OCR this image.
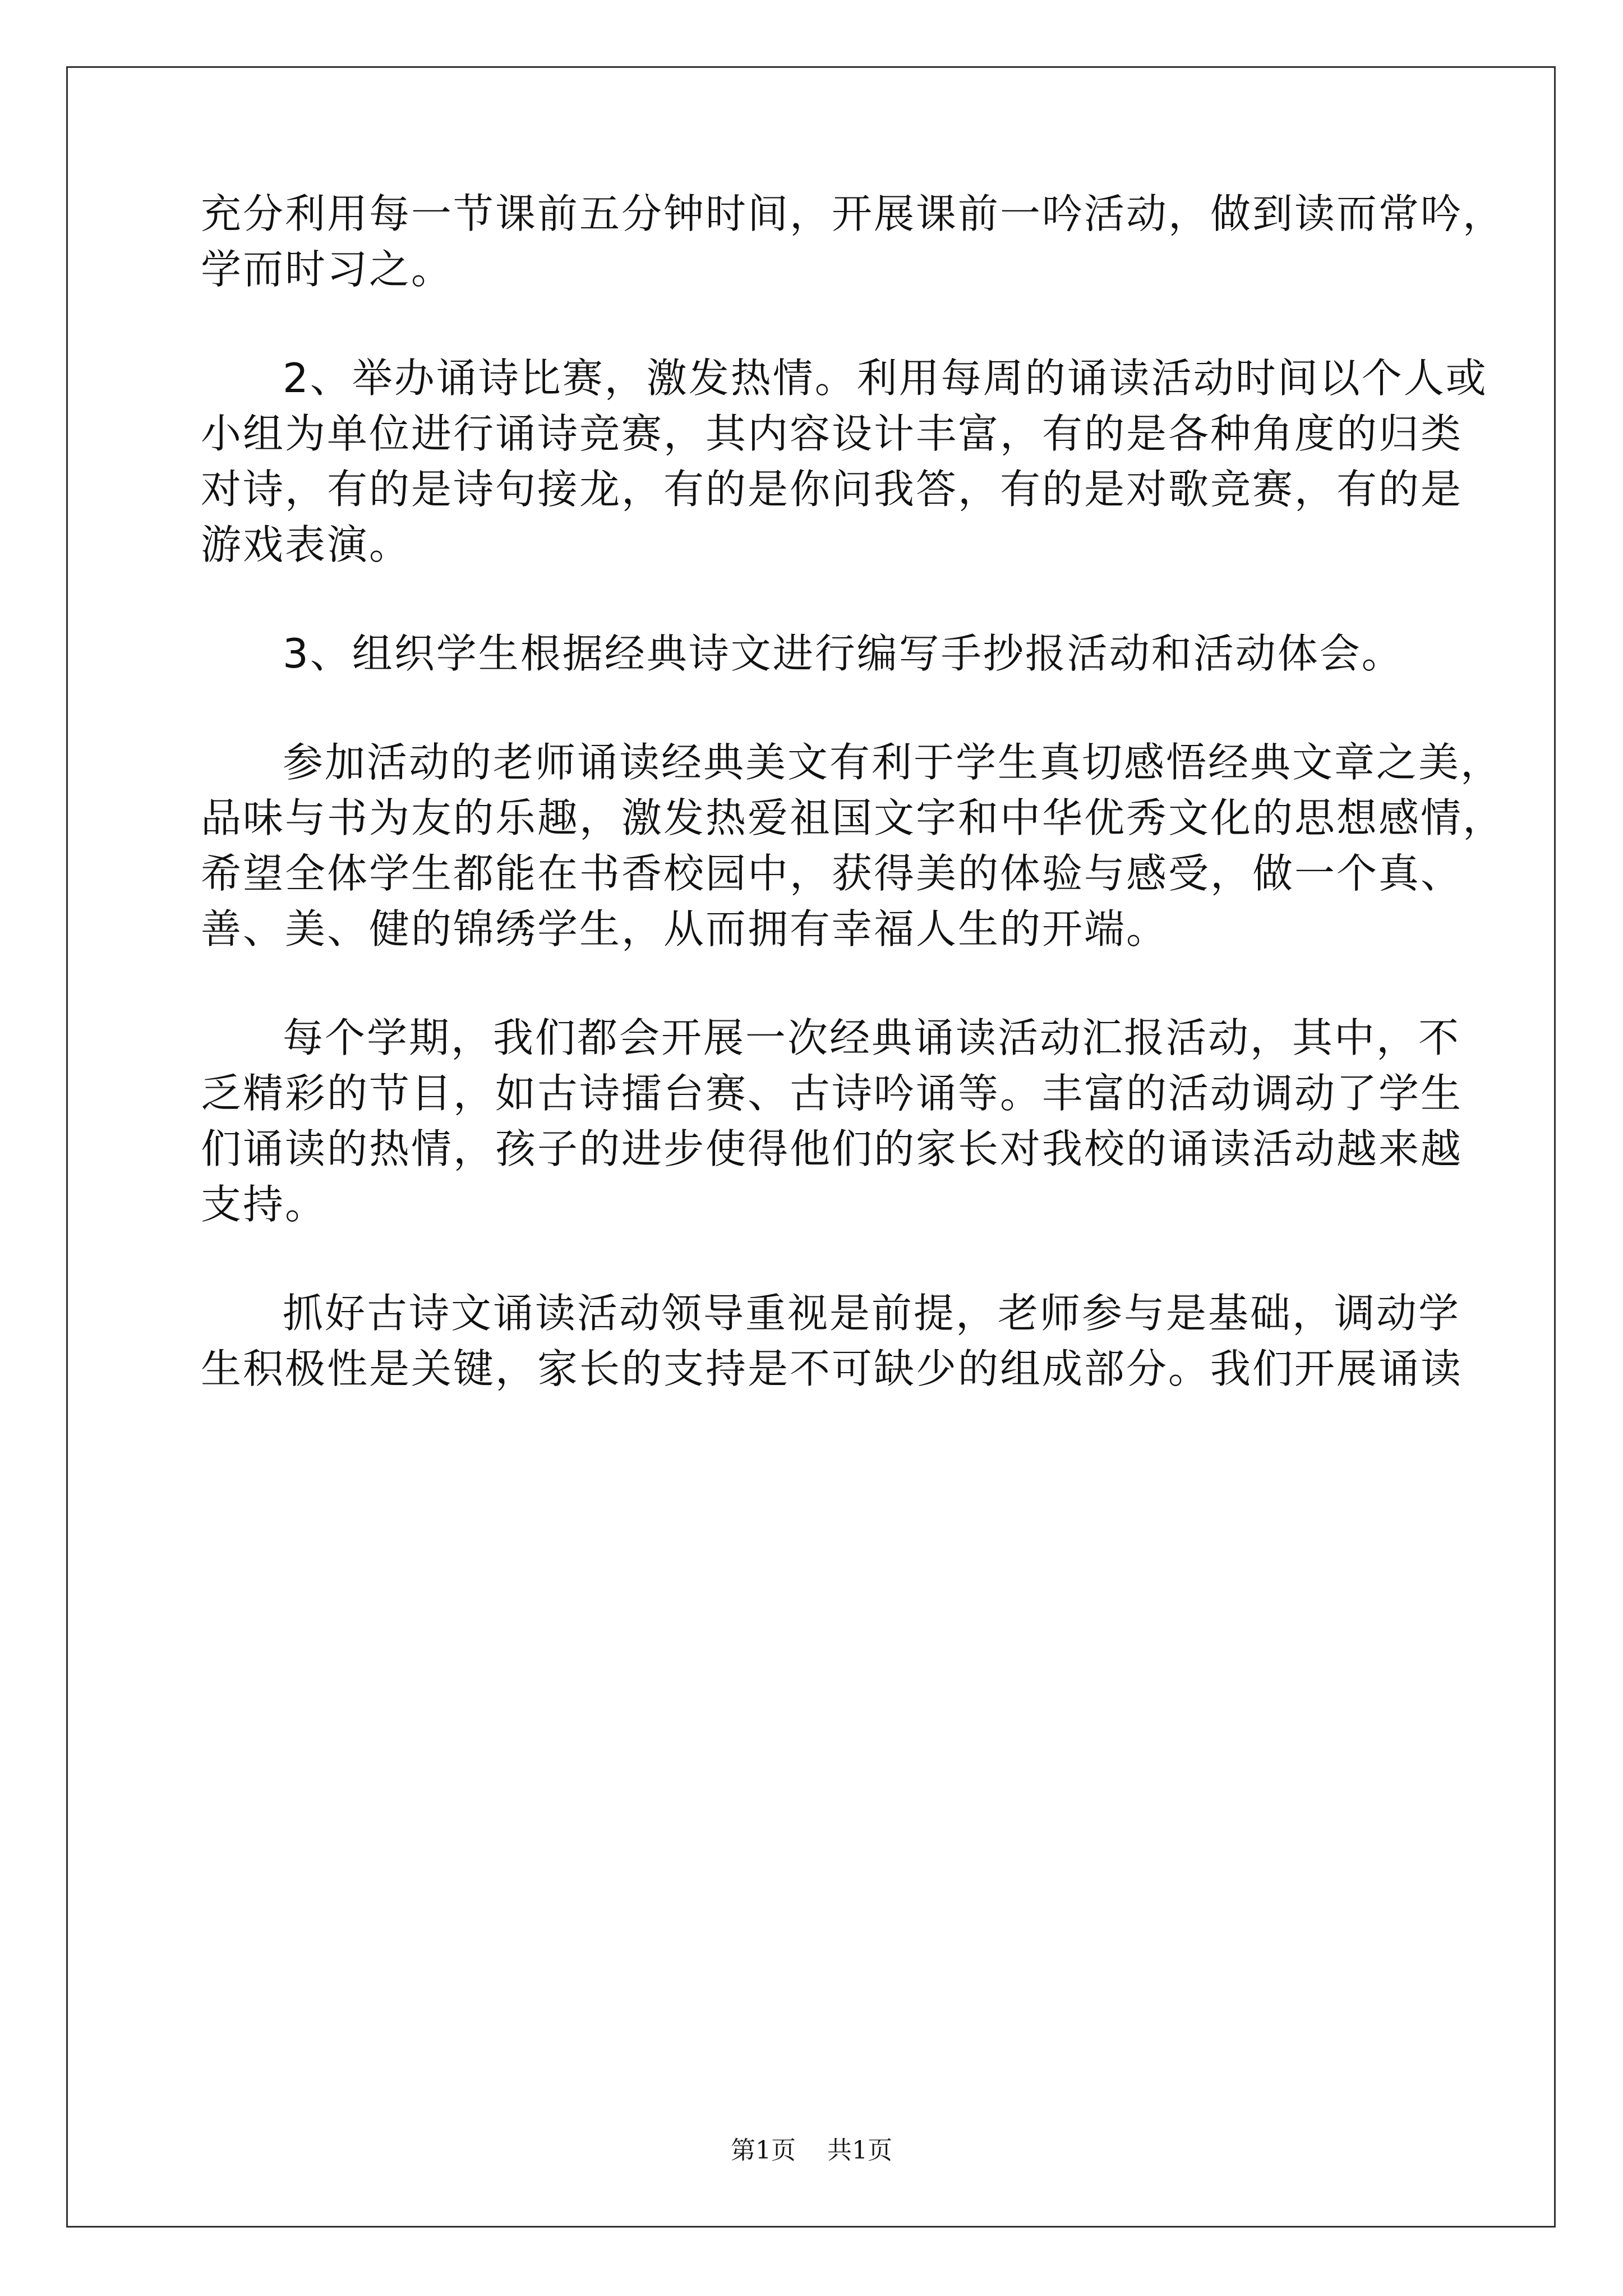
充分利用每一节课前五分钟时间，开展课前一吟活动，做到读而常吟，

学而时习之。

2、举办诵诗比赛，激发热情。利用每周的诵读活动时间以个人或

小组为单位进行诵诗竞赛，其内容设计丰富，有的是各种角度的归类

对诗，有的是诗句接龙，有的是你问我答，有的是对歌竞赛，有的是

游戏表演。

3、组织学生根据经典诗文进行编写手抄报活动和活动体会。

参加活动的老师诵读经典美文有利于学生真切感悟经典文章之美，

品味与书为友的乐趣，激发热爱祖国文字和中华优秀文化的思想感情，

希望全体学生都能在书香校园中，获得美的体验与感受，做一个真、

善、美、健的锦绣学生，从而拥有幸福人生的开端。

每个学期，我们都会开展一次经典诵读活动汇报活动，其中，不

乏精彩的节目，如古诗擂台赛、古诗吟诵等。丰富的活动调动了学生

们诵读的热情，孩子的进步使得他们的家长对我校的诵读活动越来越

支持。

抓好古诗文诵读活动领导重视是前提，老师参与是基础，调动学

生积极性是关键，家长的支持是不可缺少的组成部分。我们开展诵读

第1页 共1页
